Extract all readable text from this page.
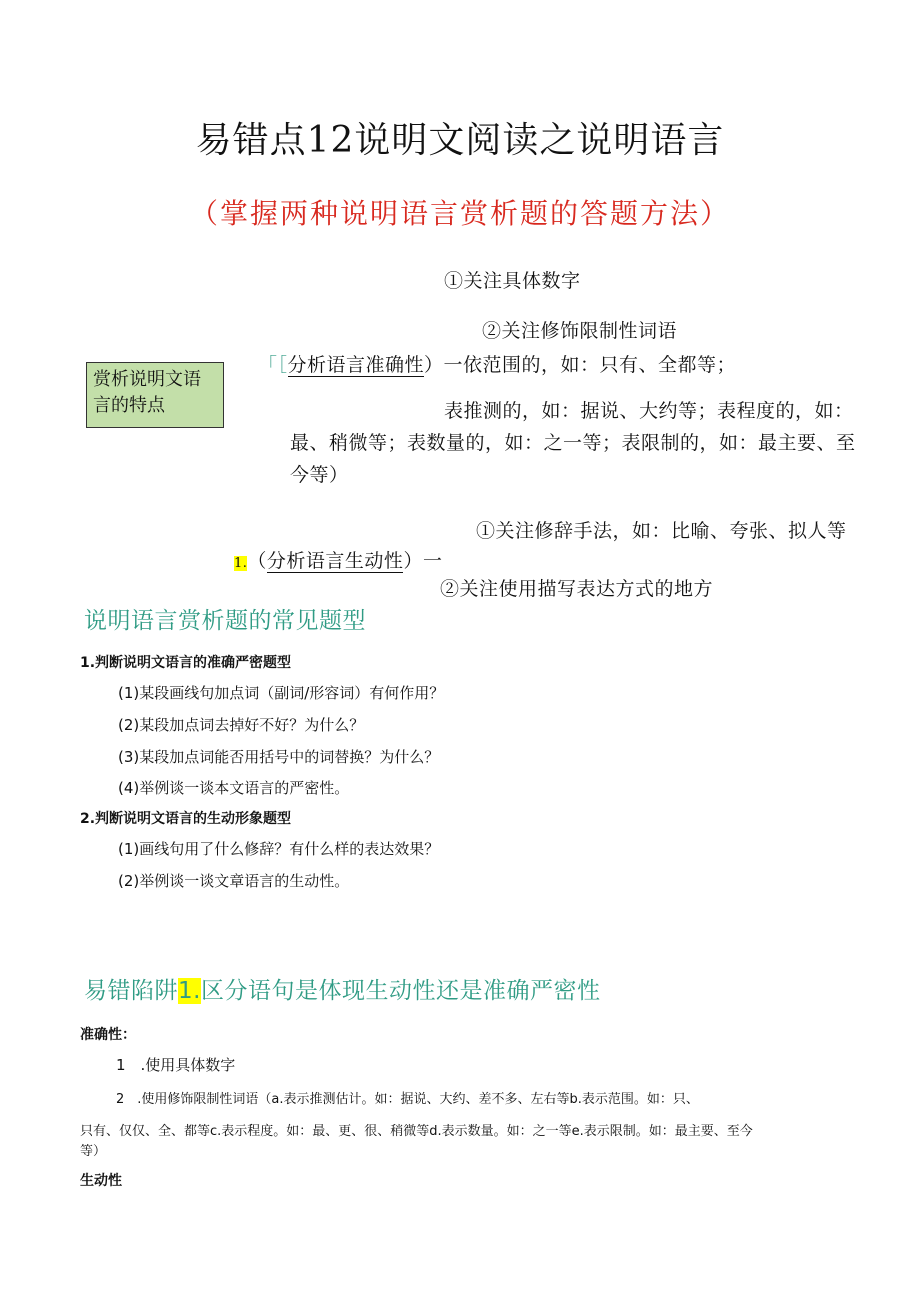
易错点12说明文阅读之说明语言
（掌握两种说明语言赏析题的答题方法）
①关注具体数字
②关注修饰限制性词语
赏析说明文语言的特点
「［分析语言准确性）一依范围的，如：只有、全都等；
表推测的，如：据说、大约等；表程度的，如：
最、稍微等；表数量的，如：之一等；表限制的，如：最主要、至
今等）
①关注修辞手法，如：比喻、夸张、拟人等
1.（分析语言生动性）一
②关注使用描写表达方式的地方
说明语言赏析题的常见题型
1.判断说明文语言的准确严密题型
(1)某段画线句加点词（副词/形容词）有何作用？
(2)某段加点词去掉好不好？为什么？
(3)某段加点词能否用括号中的词替换？为什么？
(4)举例谈一谈本文语言的严密性。
2.判断说明文语言的生动形象题型
(1)画线句用了什么修辞？有什么样的表达效果？
(2)举例谈一谈文章语言的生动性。
易错陷阱1.区分语句是体现生动性还是准确严密性
准确性：
1　.使用具体数字
2　.使用修饰限制性词语（a.表示推测估计。如：据说、大约、差不多、左右等b.表示范围。如：只、
只有、仅仅、全、都等c.表示程度。如：最、更、很、稍微等d.表示数量。如：之一等e.表示限制。如：最主要、至今
等）
生动性
